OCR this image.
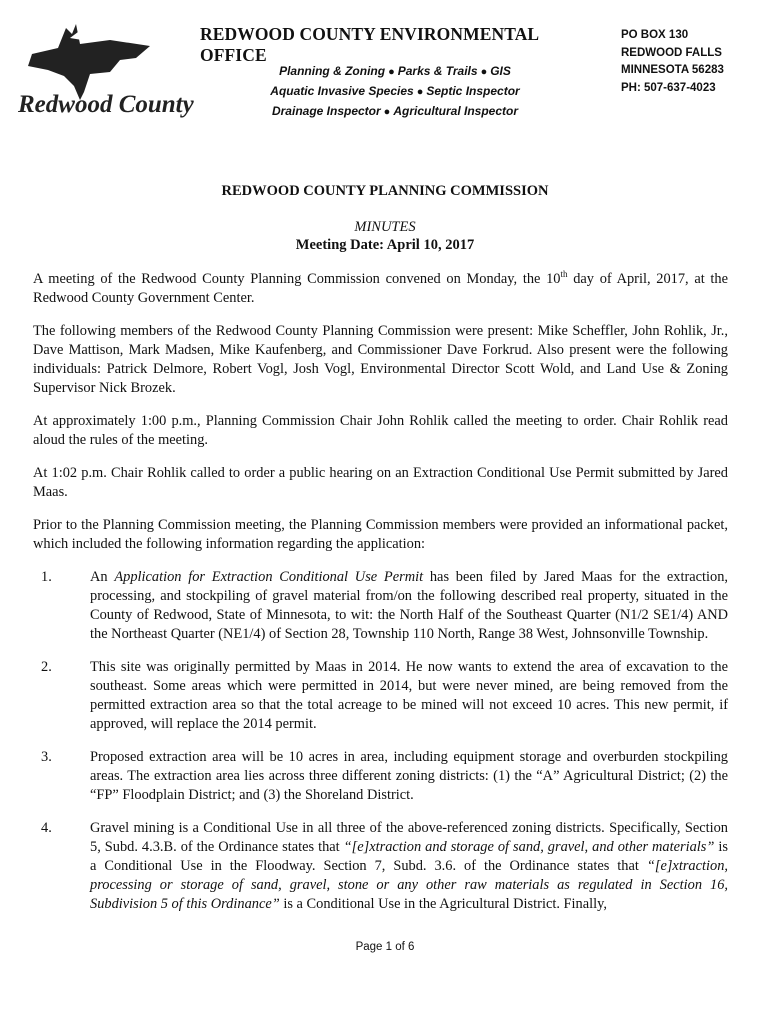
Redwood County
REDWOOD COUNTY ENVIRONMENTAL OFFICE
Planning & Zoning ● Parks & Trails ● GIS
Aquatic Invasive Species ● Septic Inspector
Drainage Inspector ● Agricultural Inspector
PO BOX 130
REDWOOD FALLS
MINNESOTA 56283
PH: 507-637-4023
REDWOOD COUNTY PLANNING COMMISSION
MINUTES
Meeting Date: April 10, 2017

A meeting of the Redwood County Planning Commission convened on Monday, the 10th day of April, 2017, at the Redwood County Government Center.

The following members of the Redwood County Planning Commission were present: Mike Scheffler, John Rohlik, Jr., Dave Mattison, Mark Madsen, Mike Kaufenberg, and Commissioner Dave Forkrud. Also present were the following individuals: Patrick Delmore, Robert Vogl, Josh Vogl, Environmental Director Scott Wold, and Land Use & Zoning Supervisor Nick Brozek.

At approximately 1:00 p.m., Planning Commission Chair John Rohlik called the meeting to order. Chair Rohlik read aloud the rules of the meeting.

At 1:02 p.m. Chair Rohlik called to order a public hearing on an Extraction Conditional Use Permit submitted by Jared Maas.

Prior to the Planning Commission meeting, the Planning Commission members were provided an informational packet, which included the following information regarding the application:

1.	An Application for Extraction Conditional Use Permit has been filed by Jared Maas for the extraction, processing, and stockpiling of gravel material from/on the following described real property, situated in the County of Redwood, State of Minnesota, to wit: the North Half of the Southeast Quarter (N1/2 SE1/4) AND the Northeast Quarter (NE1/4) of Section 28, Township 110 North, Range 38 West, Johnsonville Township.
2.	This site was originally permitted by Maas in 2014. He now wants to extend the area of excavation to the southeast. Some areas which were permitted in 2014, but were never mined, are being removed from the permitted extraction area so that the total acreage to be mined will not exceed 10 acres. This new permit, if approved, will replace the 2014 permit.
3.	Proposed extraction area will be 10 acres in area, including equipment storage and overburden stockpiling areas. The extraction area lies across three different zoning districts: (1) the “A” Agricultural District; (2) the “FP” Floodplain District; and (3) the Shoreland District.
4.	Gravel mining is a Conditional Use in all three of the above-referenced zoning districts. Specifically, Section 5, Subd. 4.3.B. of the Ordinance states that “[e]xtraction and storage of sand, gravel, and other materials” is a Conditional Use in the Floodway. Section 7, Subd. 3.6. of the Ordinance states that “[e]xtraction, processing or storage of sand, gravel, stone or any other raw materials as regulated in Section 16, Subdivision 5 of this Ordinance” is a Conditional Use in the Agricultural District. Finally,
Page 1 of 6
